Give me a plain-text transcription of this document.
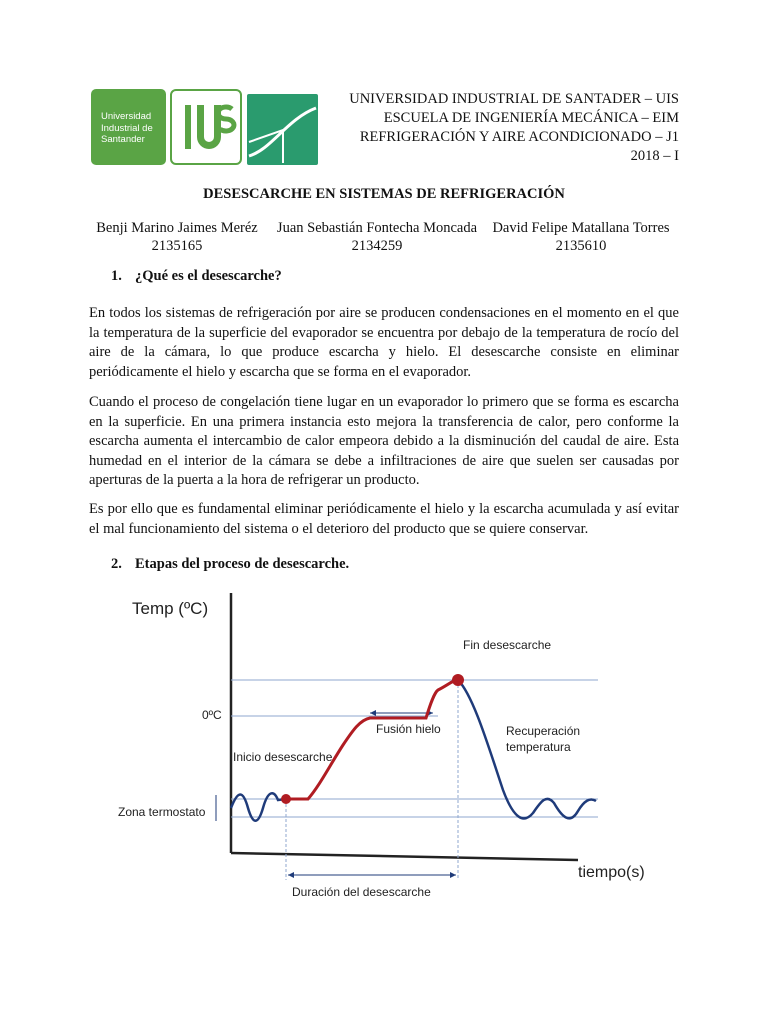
Universidad
Industrial de
Santander
UNIVERSIDAD INDUSTRIAL DE SANTADER – UIS
ESCUELA DE INGENIERÍA MECÁNICA – EIM
REFRIGERACIÓN Y AIRE ACONDICIONADO – J1
2018 – I
DESESCARCHE EN SISTEMAS DE REFRIGERACIÓN
Benji Marino Jaimes Meréz
2135165
Juan Sebastián Fontecha Moncada
2134259
David Felipe Matallana Torres
2135610
1. ¿Qué es el desescarche?
En todos los sistemas de refrigeración por aire se producen condensaciones en el momento en el que la temperatura de la superficie del evaporador se encuentra por debajo de la temperatura de rocío del aire de la cámara, lo que produce escarcha y hielo. El desescarche consiste en eliminar periódicamente el hielo y escarcha que se forma en el evaporador.
Cuando el proceso de congelación tiene lugar en un evaporador lo primero que se forma es escarcha en la superficie. En una primera instancia esto mejora la transferencia de calor, pero conforme la escarcha aumenta el intercambio de calor empeora debido a la disminución del caudal de aire. Esta humedad en el interior de la cámara se debe a infiltraciones de aire que suelen ser causadas por aperturas de la puerta a la hora de refrigerar un producto.
Es por ello que es fundamental eliminar periódicamente el hielo y la escarcha acumulada y así evitar el mal funcionamiento del sistema o el deterioro del producto que se quiere conservar.
2. Etapas del proceso de desescarche.
Temp (ºC)
tiempo(s)
0ºC
Zona termostato
Inicio desescarche
Fin desescarche
Fusión hielo	Recuperación
temperatura
Duración del desescarche
